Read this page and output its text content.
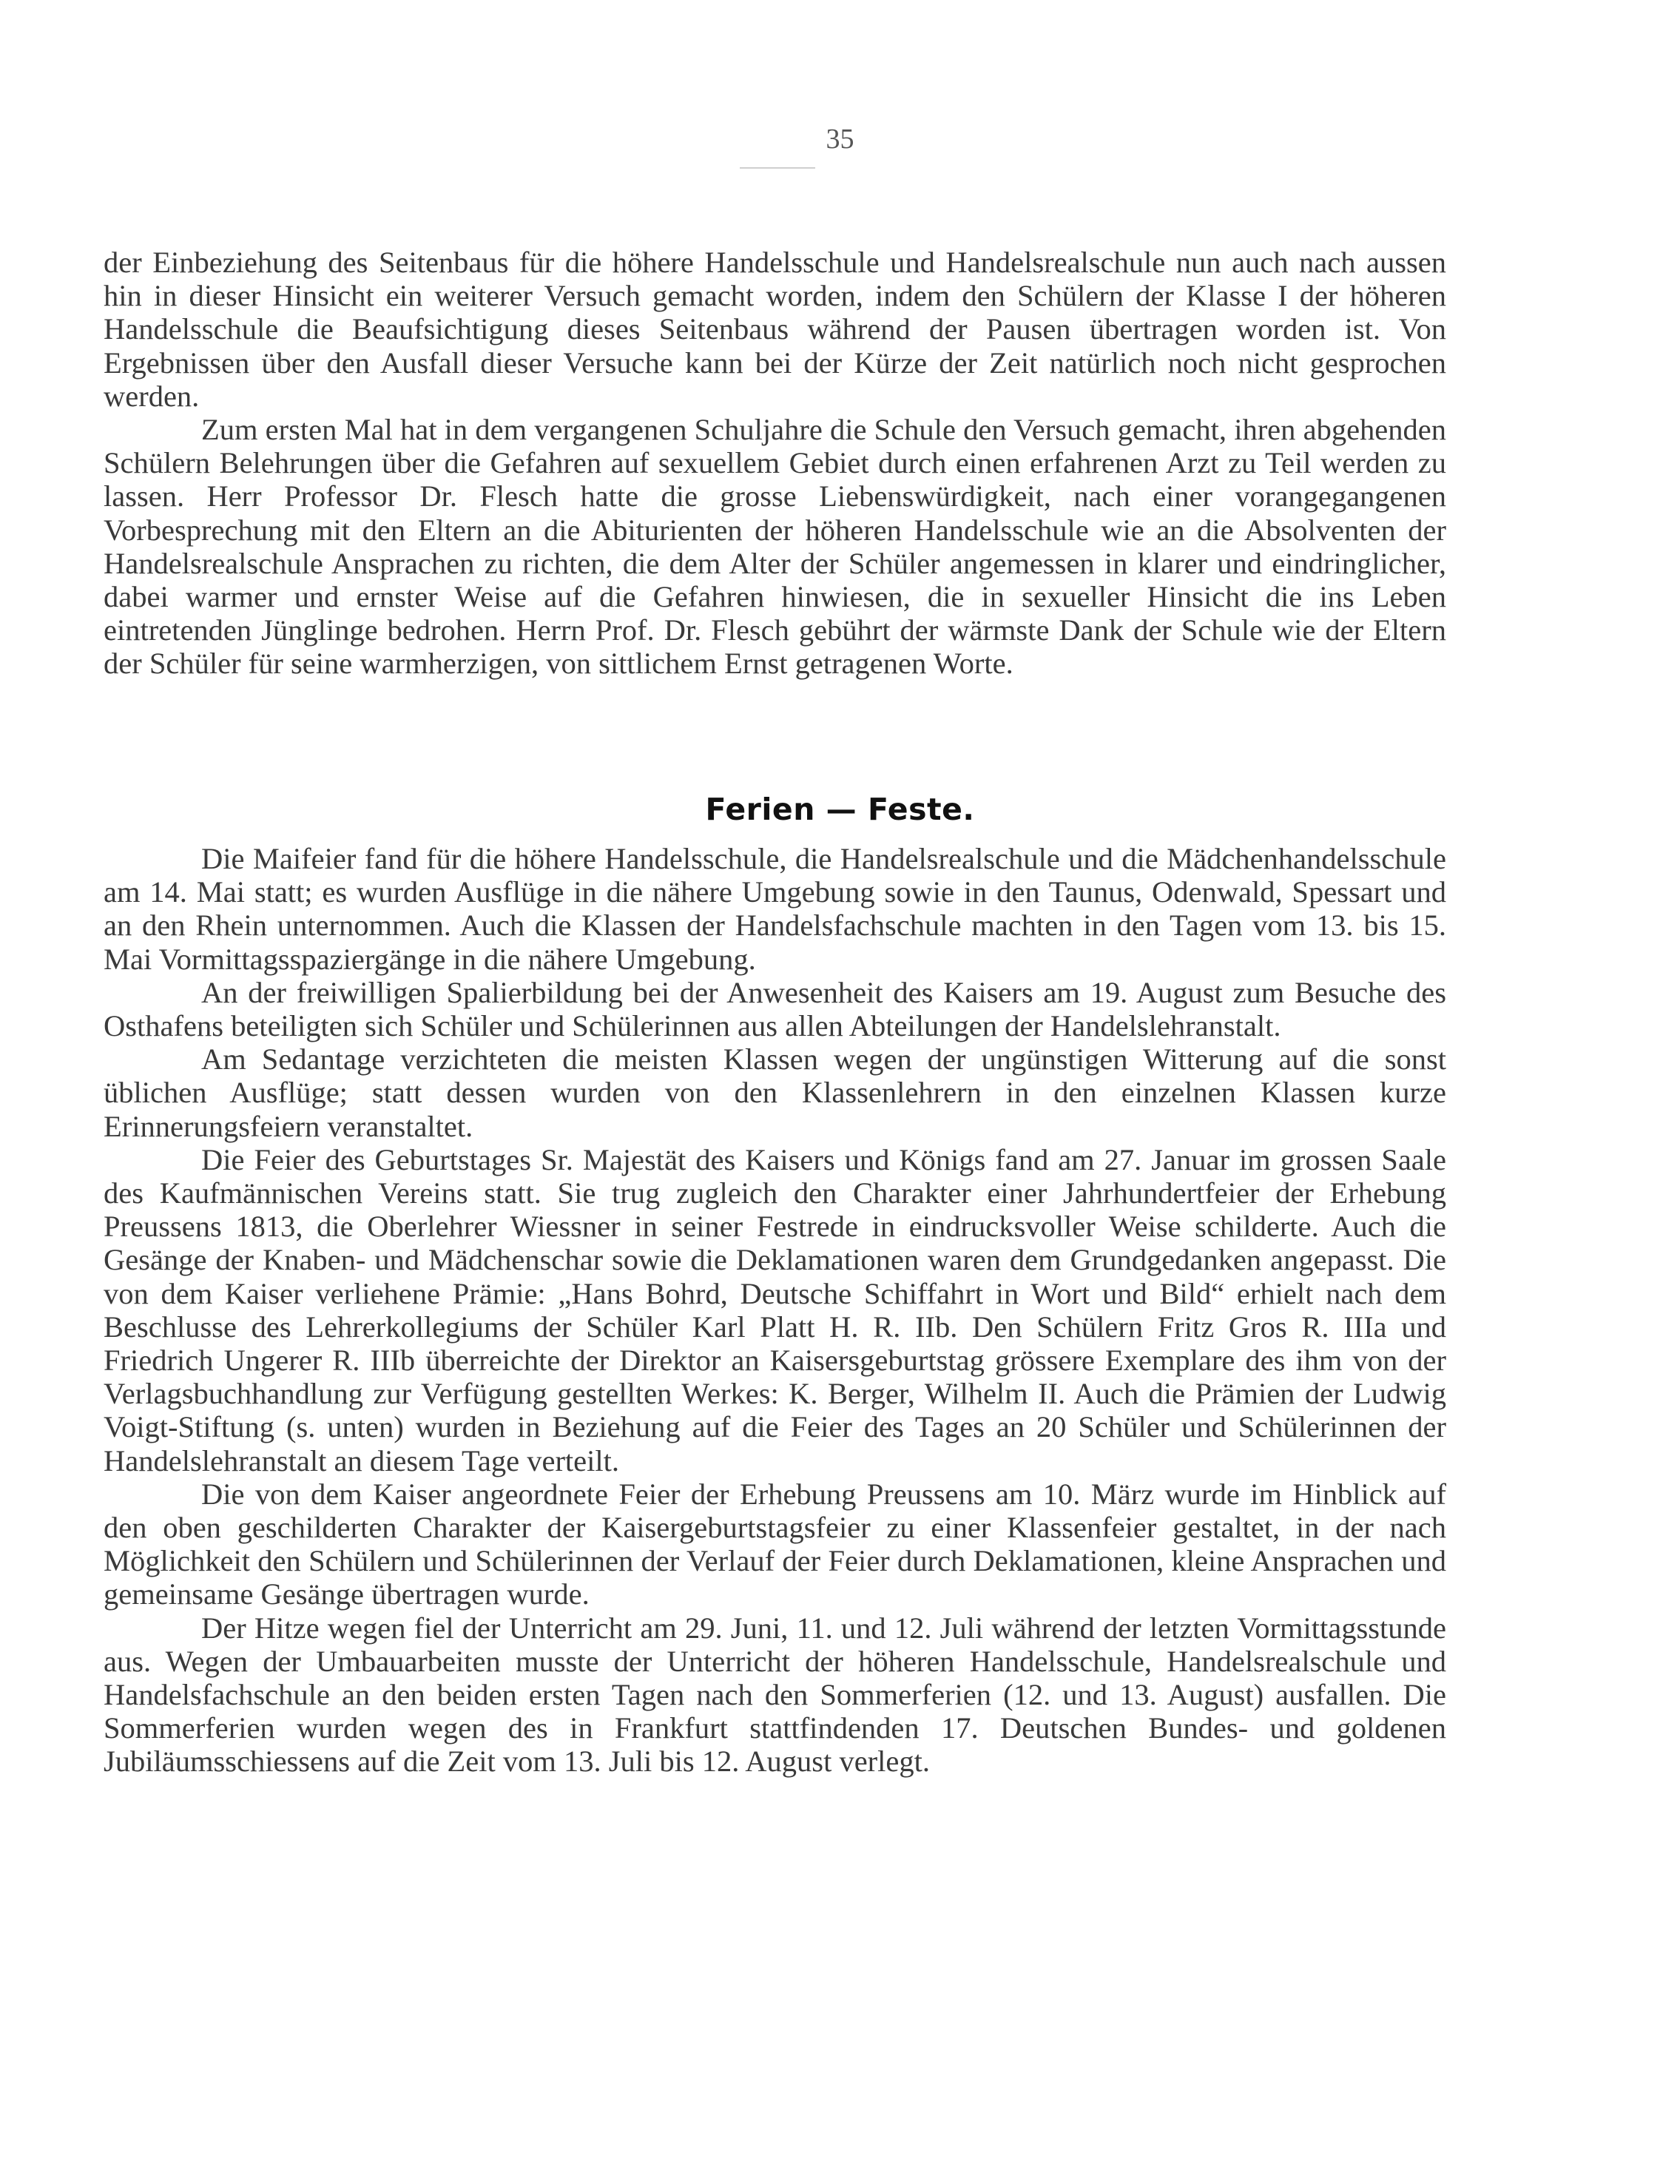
35

der Einbeziehung des Seitenbaus für die höhere Handelsschule und Handelsrealschule nun auch nach aussen hin in dieser Hinsicht ein weiterer Versuch gemacht worden, indem den Schülern der Klasse I der höheren Handelsschule die Beaufsichtigung dieses Seitenbaus während der Pausen übertragen worden ist. Von Ergebnissen über den Ausfall dieser Versuche kann bei der Kürze der Zeit natürlich noch nicht gesprochen werden.

Zum ersten Mal hat in dem vergangenen Schuljahre die Schule den Versuch gemacht, ihren abgehenden Schülern Belehrungen über die Gefahren auf sexuellem Gebiet durch einen erfahrenen Arzt zu Teil werden zu lassen. Herr Professor Dr. Flesch hatte die grosse Liebenswürdigkeit, nach einer vorangegangenen Vorbesprechung mit den Eltern an die Abiturienten der höheren Handelsschule wie an die Absolventen der Handelsrealschule Ansprachen zu richten, die dem Alter der Schüler angemessen in klarer und eindringlicher, dabei warmer und ernster Weise auf die Gefahren hinwiesen, die in sexueller Hinsicht die ins Leben eintretenden Jünglinge bedrohen. Herrn Prof. Dr. Flesch gebührt der wärmste Dank der Schule wie der Eltern der Schüler für seine warmherzigen, von sittlichem Ernst getragenen Worte.

Ferien — Feste.

Die Maifeier fand für die höhere Handelsschule, die Handelsrealschule und die Mädchenhandelsschule am 14. Mai statt; es wurden Ausflüge in die nähere Umgebung sowie in den Taunus, Odenwald, Spessart und an den Rhein unternommen. Auch die Klassen der Handelsfachschule machten in den Tagen vom 13. bis 15. Mai Vormittagsspaziergänge in die nähere Umgebung.

An der freiwilligen Spalierbildung bei der Anwesenheit des Kaisers am 19. August zum Besuche des Osthafens beteiligten sich Schüler und Schülerinnen aus allen Abteilungen der Handelslehranstalt.

Am Sedantage verzichteten die meisten Klassen wegen der ungünstigen Witterung auf die sonst üblichen Ausflüge; statt dessen wurden von den Klassenlehrern in den einzelnen Klassen kurze Erinnerungsfeiern veranstaltet.

Die Feier des Geburtstages Sr. Majestät des Kaisers und Königs fand am 27. Januar im grossen Saale des Kaufmännischen Vereins statt. Sie trug zugleich den Charakter einer Jahrhundertfeier der Erhebung Preussens 1813, die Oberlehrer Wiessner in seiner Festrede in eindrucksvoller Weise schilderte. Auch die Gesänge der Knaben- und Mädchenschar sowie die Deklamationen waren dem Grundgedanken angepasst. Die von dem Kaiser verliehene Prämie: „Hans Bohrd, Deutsche Schiffahrt in Wort und Bild“ erhielt nach dem Beschlusse des Lehrerkollegiums der Schüler Karl Platt H. R. IIb. Den Schülern Fritz Gros R. IIIa und Friedrich Ungerer R. IIIb überreichte der Direktor an Kaisersgeburtstag grössere Exemplare des ihm von der Verlagsbuchhandlung zur Verfügung gestellten Werkes: K. Berger, Wilhelm II. Auch die Prämien der Ludwig Voigt-Stiftung (s. unten) wurden in Beziehung auf die Feier des Tages an 20 Schüler und Schülerinnen der Handelslehranstalt an diesem Tage verteilt.

Die von dem Kaiser angeordnete Feier der Erhebung Preussens am 10. März wurde im Hinblick auf den oben geschilderten Charakter der Kaisergeburtstagsfeier zu einer Klassenfeier gestaltet, in der nach Möglichkeit den Schülern und Schülerinnen der Verlauf der Feier durch Deklamationen, kleine Ansprachen und gemeinsame Gesänge übertragen wurde.

Der Hitze wegen fiel der Unterricht am 29. Juni, 11. und 12. Juli während der letzten Vormittagsstunde aus. Wegen der Umbauarbeiten musste der Unterricht der höheren Handelsschule, Handelsrealschule und Handelsfachschule an den beiden ersten Tagen nach den Sommerferien (12. und 13. August) ausfallen. Die Sommerferien wurden wegen des in Frankfurt stattfindenden 17. Deutschen Bundes- und goldenen Jubiläumsschiessens auf die Zeit vom 13. Juli bis 12. August verlegt.
